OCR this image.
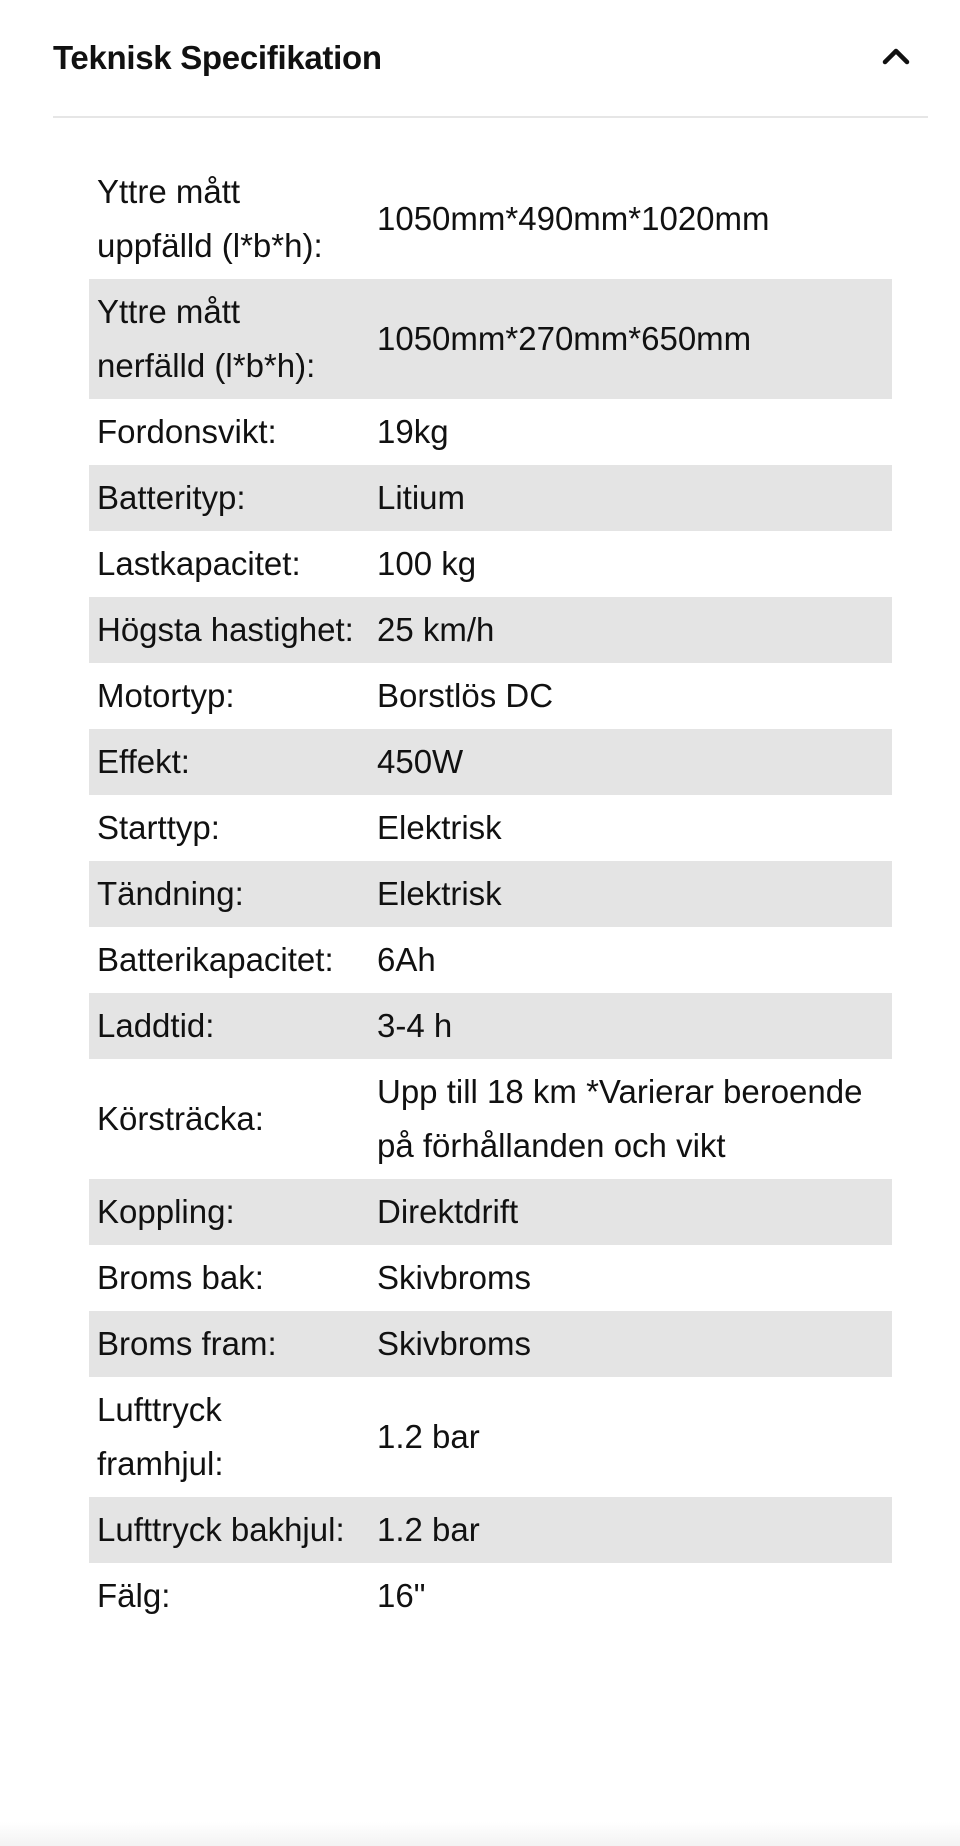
Teknisk Specifikation
Yttre mått uppfälld (l*b*h):	1050mm*490mm*1020mm
Yttre mått nerfälld (l*b*h):	1050mm*270mm*650mm
Fordonsvikt:	19kg
Batterityp:	Litium
Lastkapacitet:	100 kg
Högsta hastighet:	25 km/h
Motortyp:	Borstlös DC
Effekt:	450W
Starttyp:	Elektrisk
Tändning:	Elektrisk
Batterikapacitet:	6Ah
Laddtid:	3-4 h
Körsträcka:	Upp till 18 km *Varierar beroende på förhållanden och vikt
Koppling:	Direktdrift
Broms bak:	Skivbroms
Broms fram:	Skivbroms
Lufttryck framhjul:	1.2 bar
Lufttryck bakhjul:	1.2 bar
Fälg:	16"
